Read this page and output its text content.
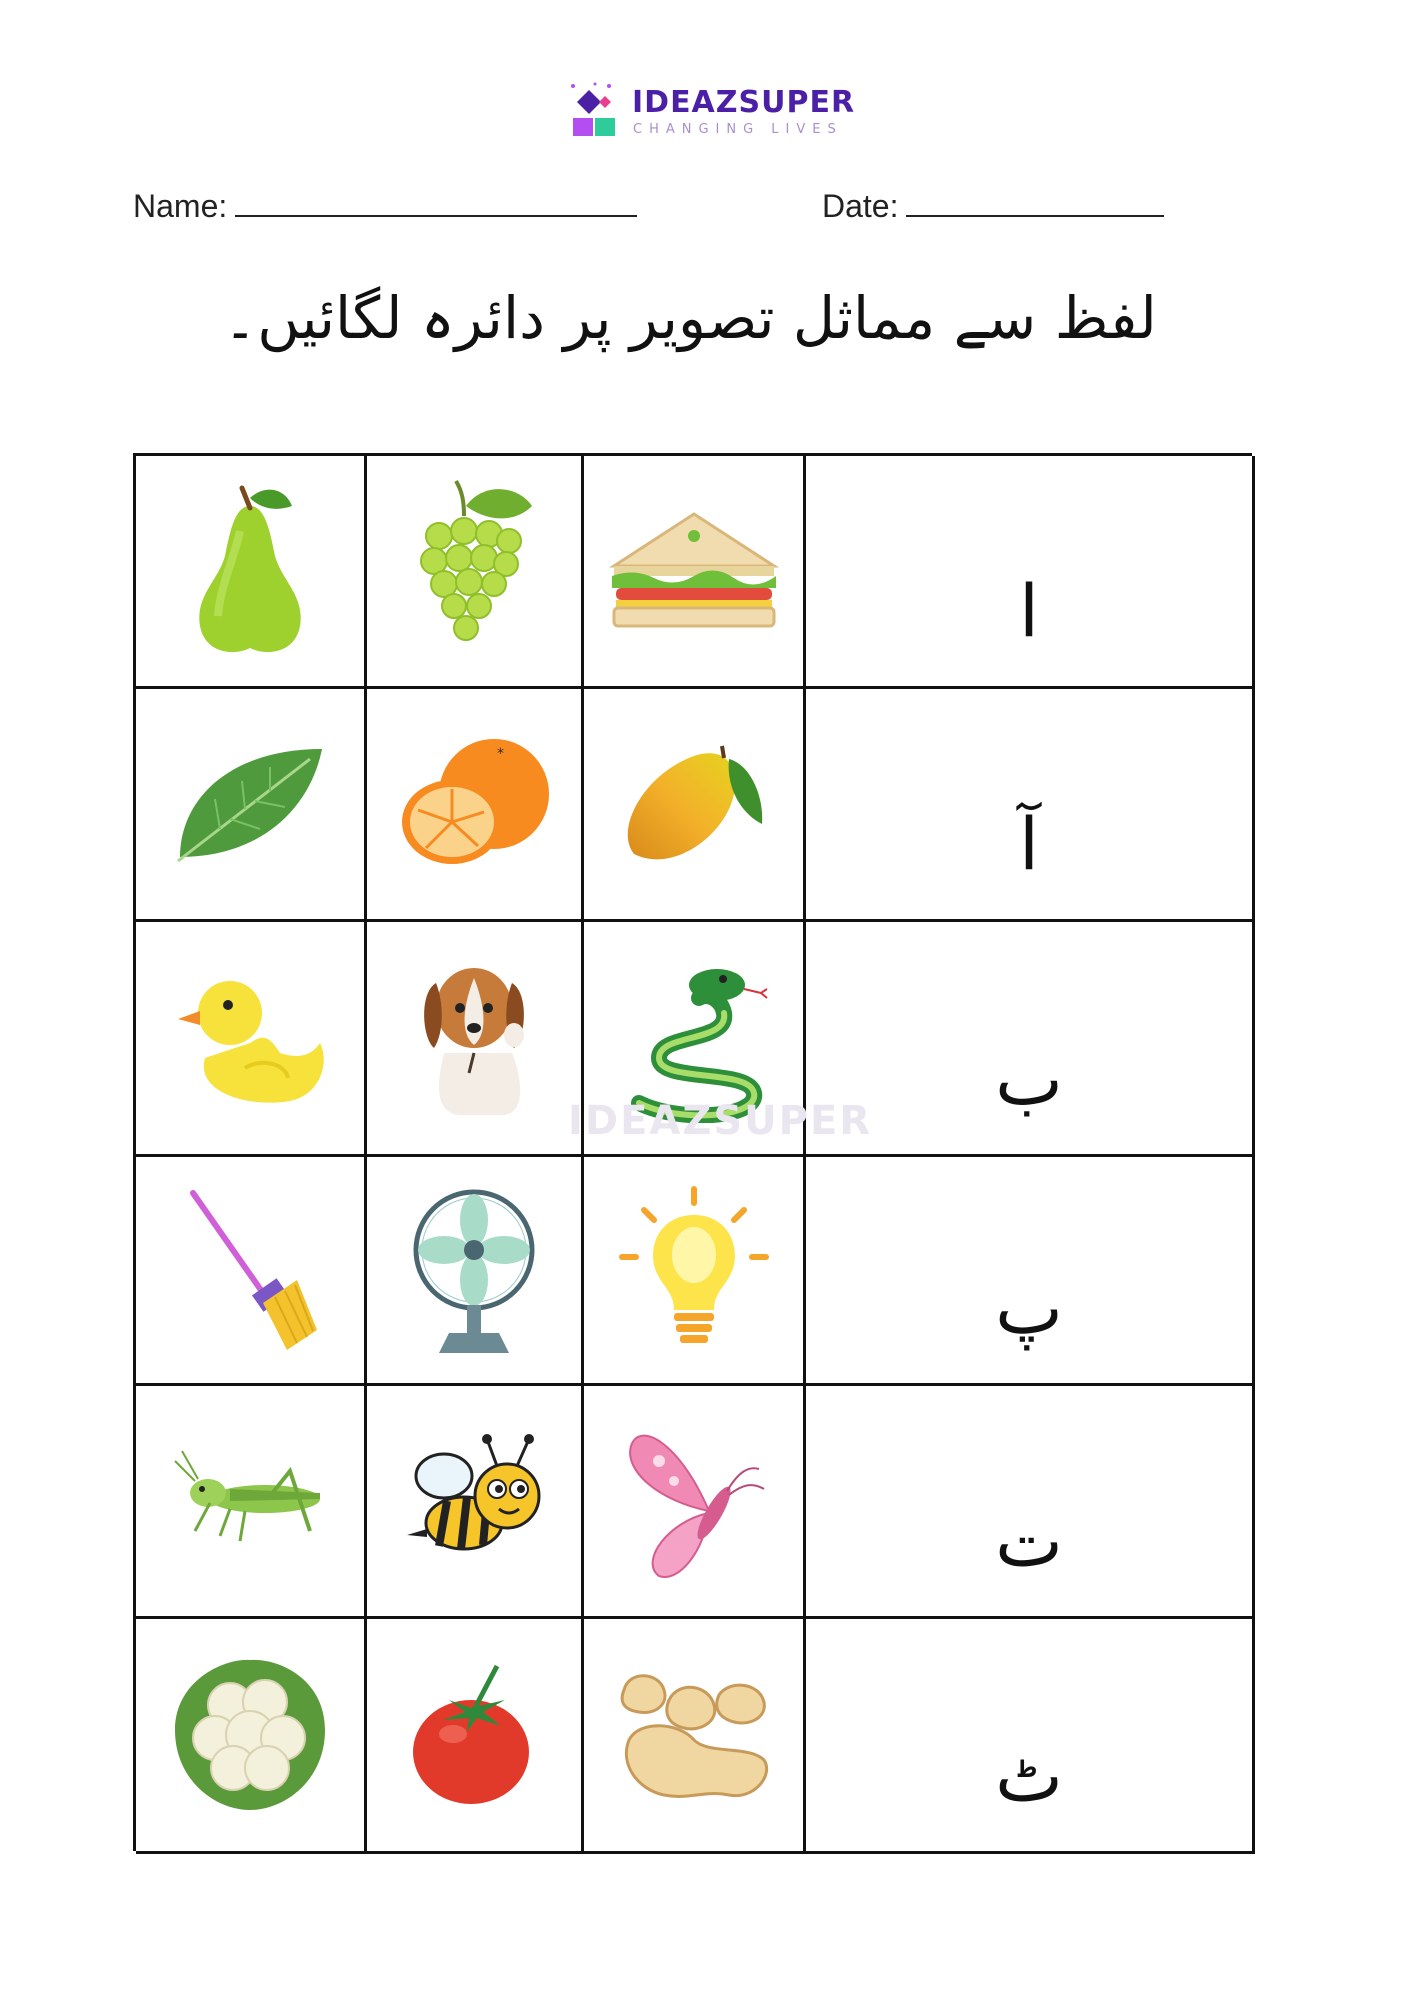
IDEAZSUPER
CHANGING LIVES
Name:	Date:
لفظ سے مماثل تصویر پر دائرہ لگائیں۔
ا
*
آ
ب
پ
ت
ٹ
IDEAZSUPER
